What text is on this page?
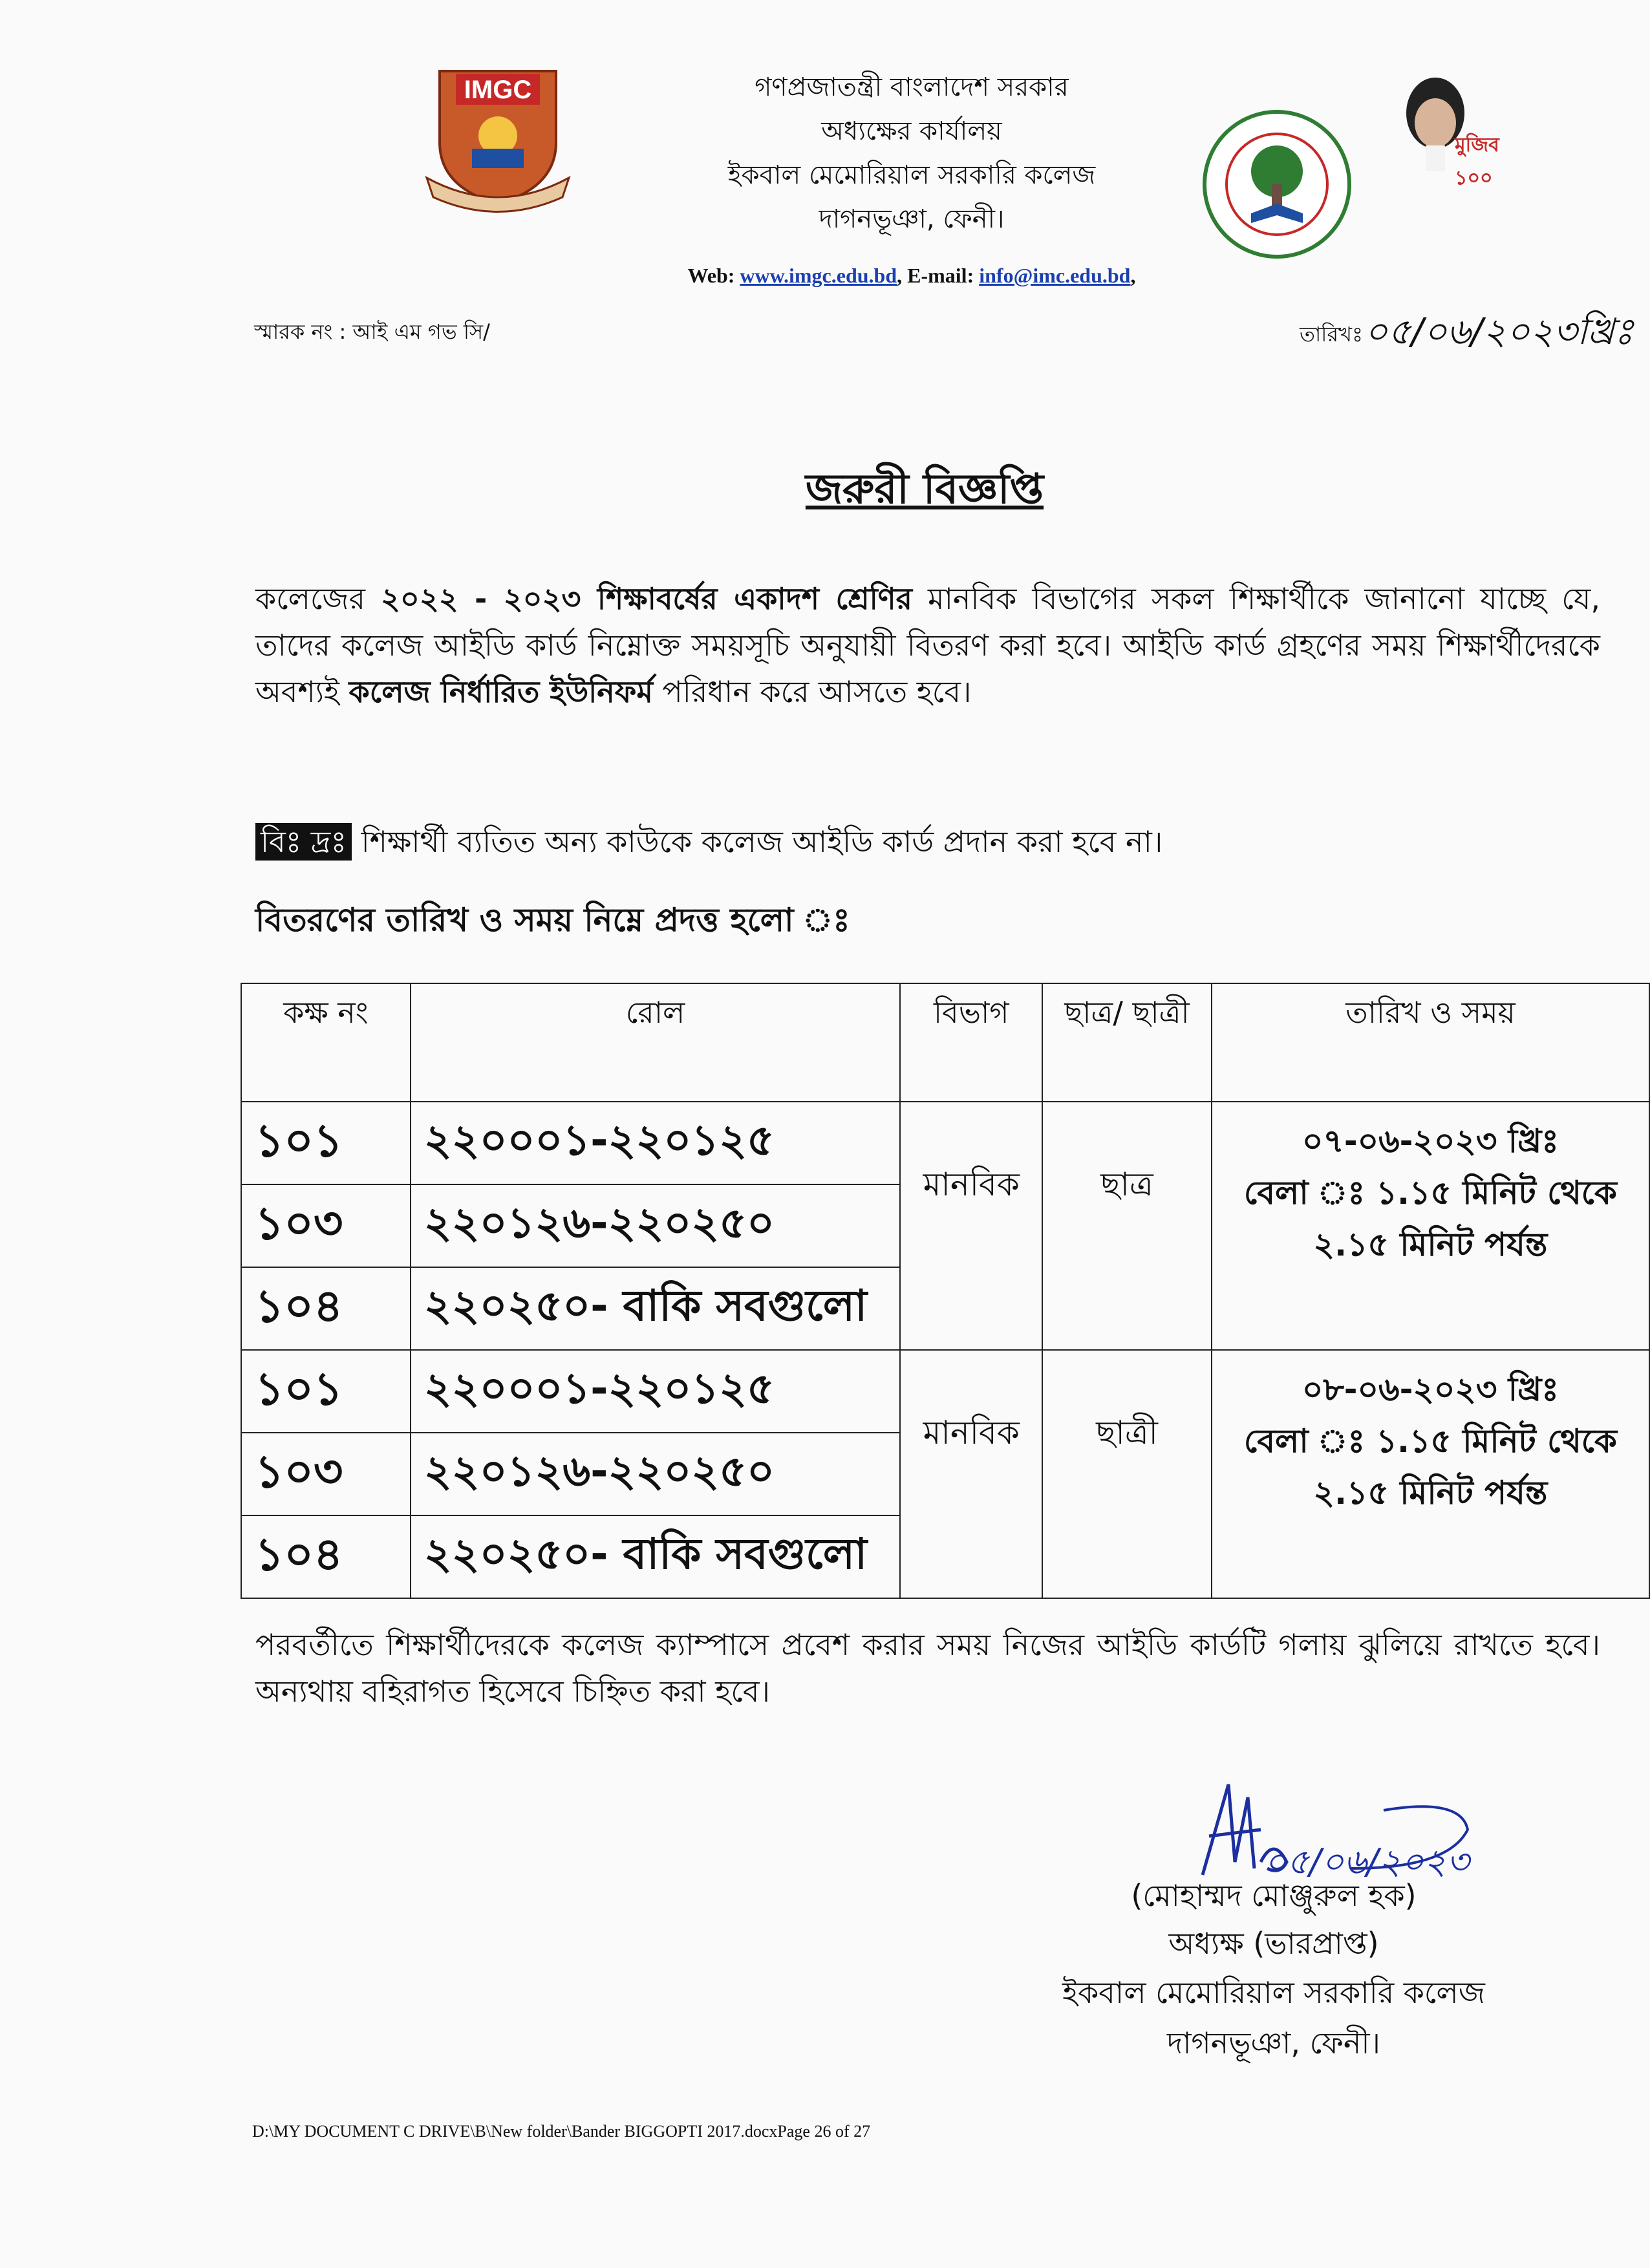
IMGC	গণপ্রজাতন্ত্রী বাংলাদেশ সরকার
অধ্যক্ষের কার্যালয়
ইকবাল মেমোরিয়াল সরকারি কলেজ
দাগনভূঞা, ফেনী।
Web: www.imgc.edu.bd, E-mail: info@imc.edu.bd,
মুজিব ১০০
স্মারক নং : আই এম গভ সি/	তারিখঃ ০৫/০৬/২০২৩খ্রিঃ
জরুরী বিজ্ঞপ্তি
কলেজের ২০২২ - ২০২৩ শিক্ষাবর্ষের একাদশ শ্রেণির মানবিক বিভাগের সকল শিক্ষার্থীকে জানানো যাচ্ছে যে, তাদের কলেজ আইডি কার্ড নিম্নোক্ত সময়সূচি অনুযায়ী বিতরণ করা হবে। আইডি কার্ড গ্রহণের সময় শিক্ষার্থীদেরকে অবশ্যই কলেজ নির্ধারিত ইউনিফর্ম পরিধান করে আসতে হবে।
বিঃ দ্রঃ শিক্ষার্থী ব্যতিত অন্য কাউকে কলেজ আইডি কার্ড প্রদান করা হবে না।
বিতরণের তারিখ ও সময় নিম্নে প্রদত্ত হলো ঃ
কক্ষ নং	রোল	বিভাগ	ছাত্র/ ছাত্রী	তারিখ ও সময়
১০১	২২০০০১-২২০১২৫	মানবিক	ছাত্র	০৭-০৬-২০২৩ খ্রিঃ
বেলা ঃ ১.১৫ মিনিট থেকে
২.১৫ মিনিট পর্যন্ত

১০৩	২২০১২৬-২২০২৫০			
১০৪	২২০২৫০- বাকি সবগুলো			
১০১	২২০০০১-২২০১২৫	মানবিক	ছাত্রী	০৮-০৬-২০২৩ খ্রিঃ
বেলা ঃ ১.১৫ মিনিট থেকে
২.১৫ মিনিট পর্যন্ত

১০৩	২২০১২৬-২২০২৫০			
১০৪	২২০২৫০- বাকি সবগুলো			
পরবর্তীতে শিক্ষার্থীদেরকে কলেজ ক্যাম্পাসে প্রবেশ করার সময় নিজের আইডি কার্ডটি গলায় ঝুলিয়ে রাখতে হবে। অন্যথায় বহিরাগত হিসেবে চিহ্নিত করা হবে।
০৫/০৬/২০২৩
(মোহাম্মদ মোঞ্জুরুল হক)
অধ্যক্ষ (ভারপ্রাপ্ত)
ইকবাল মেমোরিয়াল সরকারি কলেজ
দাগনভূঞা, ফেনী।
D:\MY DOCUMENT C DRIVE\B\New folder\Bander BIGGOPTI 2017.docxPage 26 of 27
